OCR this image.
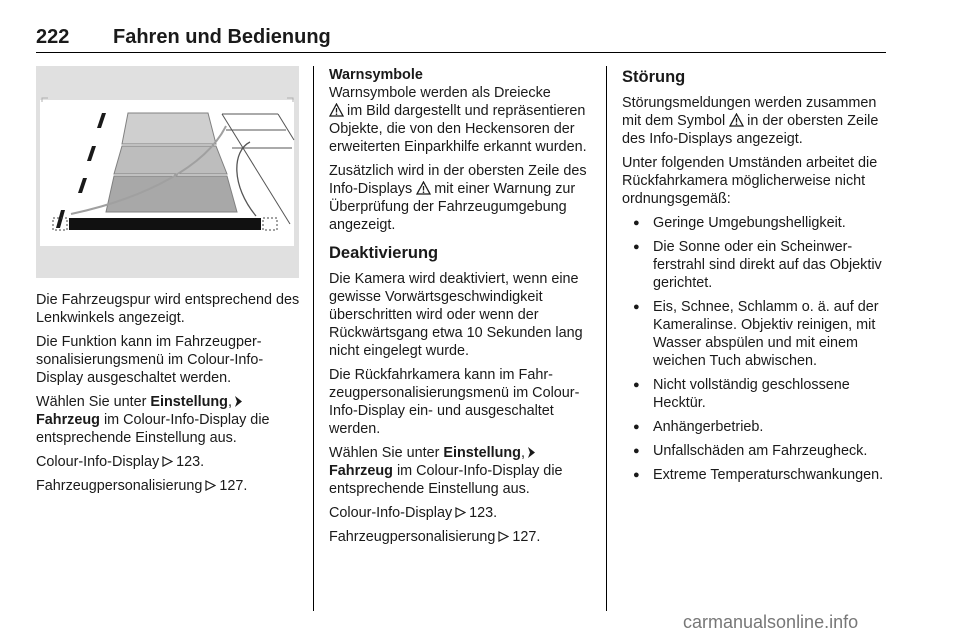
222 Fahren und Bedienung

Die Fahrzeugspur wird entsprechend des Lenkwinkels angezeigt.

Die Funktion kann im Fahrzeugpersonalisierungsmenü im Colour-Info-Display ausgeschaltet werden.

Wählen Sie unter Einstellung,
Fahrzeug im Colour-Info-Display die entsprechende Einstellung aus.

Colour-Info-Display 123.

Fahrzeugpersonalisierung 127.

Warnsymbole

Warnsymbole werden als Dreiecke
im Bild dargestellt und repräsentieren Objekte, die von den Heckensoren der erweiterten Einparkhilfe erkannt wurden.

Zusätzlich wird in der obersten Zeile des Info-Displays mit einer Warnung zur Überprüfung der Fahrzeugumgebung angezeigt.

Deaktivierung

Die Kamera wird deaktiviert, wenn eine gewisse Vorwärtsgeschwindigkeit überschritten wird oder wenn der Rückwärtsgang etwa 10 Sekunden lang nicht eingelegt wurde.

Die Rückfahrkamera kann im Fahrzeugpersonalisierungsmenü im Colour-Info-Display ein- und ausgeschaltet werden.

Wählen Sie unter Einstellung,
Fahrzeug im Colour-Info-Display die entsprechende Einstellung aus.

Colour-Info-Display 123.

Fahrzeugpersonalisierung 127.

Störung

Störungsmeldungen werden zusammen mit dem Symbol in der obersten Zeile des Info-Displays angezeigt.

Unter folgenden Umständen arbeitet die Rückfahrkamera möglicherweise nicht ordnungsgemäß:

● Geringe Umgebungshelligkeit.
● Die Sonne oder ein Scheinwerferstrahl sind direkt auf das Objektiv gerichtet.
● Eis, Schnee, Schlamm o. ä. auf der Kameralinse. Objektiv reinigen, mit Wasser abspülen und mit einem weichen Tuch abwischen.
● Nicht vollständig geschlossene Hecktür.
● Anhängerbetrieb.
● Unfallschäden am Fahrzeugheck.
● Extreme Temperaturschwankungen.
carmanualsonline.info
